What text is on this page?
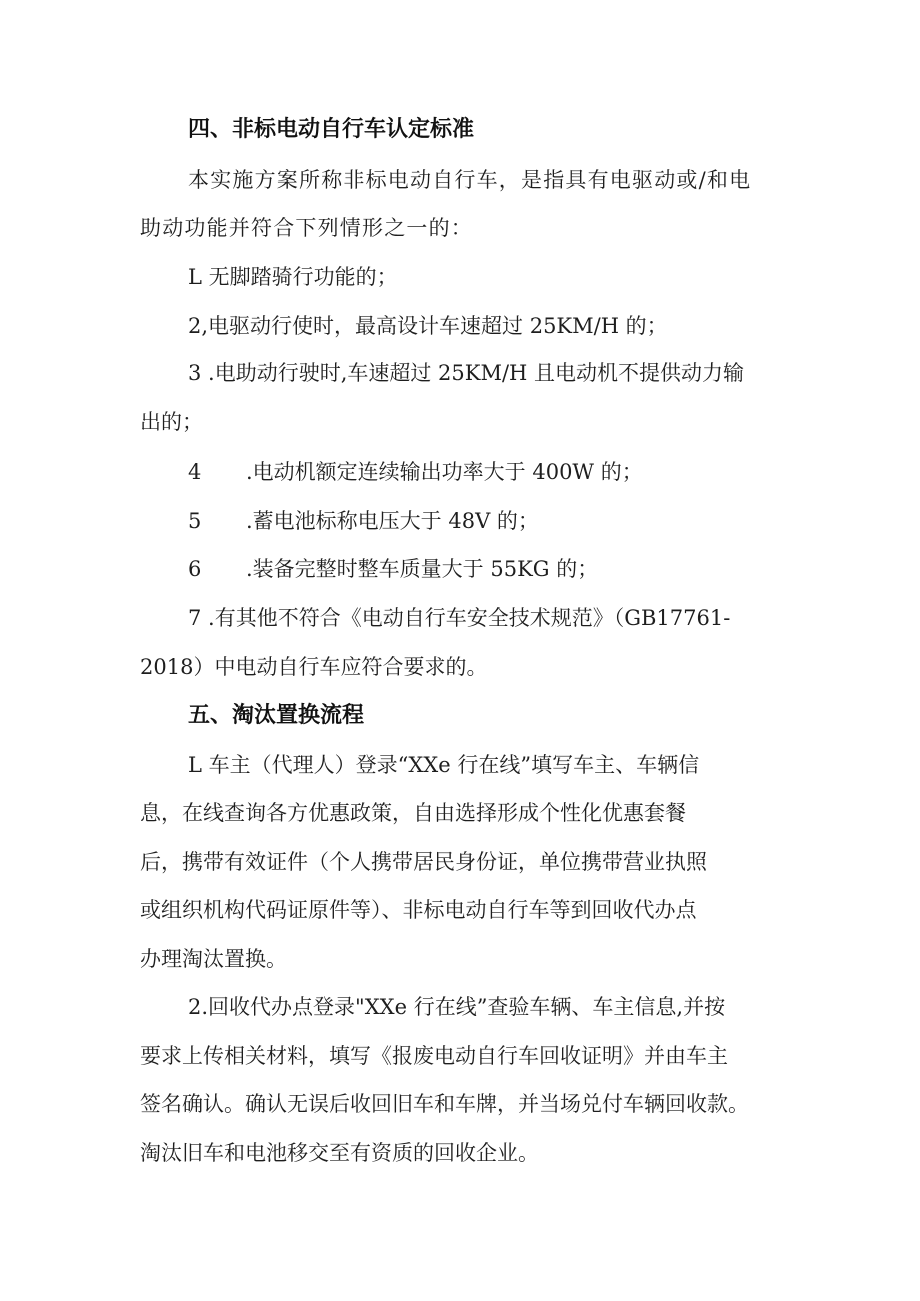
四、非标电动自行车认定标准
本实施方案所称非标电动自行车，是指具有电驱动或/和电
助动功能并符合下列情形之一的：
L 无脚踏骑行功能的；
2,电驱动行使时，最高设计车速超过 25KM/H 的；
3 .电助动行驶时,车速超过 25KM/H 且电动机不提供动力输
出的；
4 .电动机额定连续输出功率大于 400W 的；
5 .蓄电池标称电压大于 48V 的；
6 .装备完整时整车质量大于 55KG 的；
7 .有其他不符合《电动自行车安全技术规范》（GB17761-
2018）中电动自行车应符合要求的。
五、淘汰置换流程
L 车主（代理人）登录“XXe 行在线”填写车主、车辆信
息，在线查询各方优惠政策，自由选择形成个性化优惠套餐
后，携带有效证件（个人携带居民身份证，单位携带营业执照
或组织机构代码证原件等）、非标电动自行车等到回收代办点
办理淘汰置换。
2.回收代办点登录"XXe 行在线”查验车辆、车主信息,并按
要求上传相关材料，填写《报废电动自行车回收证明》并由车主
签名确认。确认无误后收回旧车和车牌，并当场兑付车辆回收款。
淘汰旧车和电池移交至有资质的回收企业。
